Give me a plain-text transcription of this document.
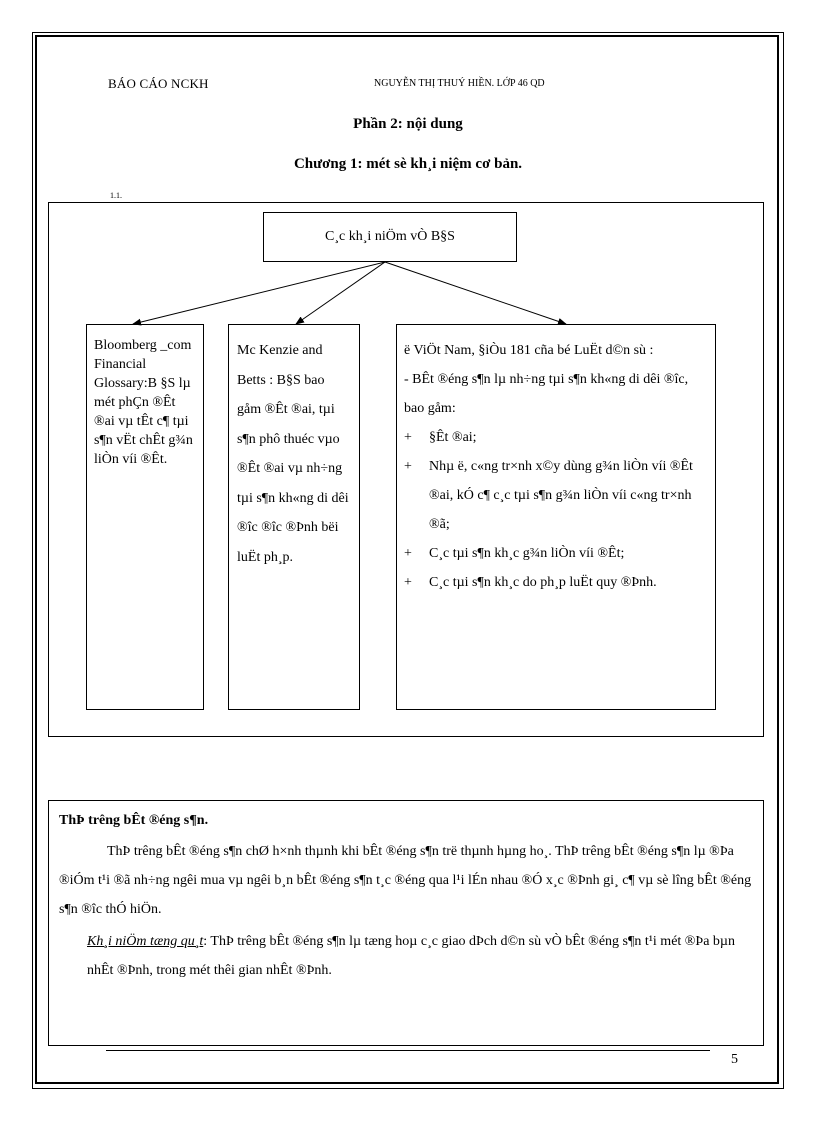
BÁO CÁO NCKH	NGUYỄN THỊ THUÝ HIỀN. LỚP 46 QD
Phần 2: nội dung
Chương 1: mét sè kh¸i niệm cơ bản.
1.1.
C¸c kh¸i niÖm vÒ B§S
Bloomberg _com Financial Glossary:B §S lµ mét phÇn ®Êt ®ai vµ tÊt c¶ tµi s¶n vËt chÊt g¾n liÒn víi ®Êt.
Mc Kenzie and Betts : B§S bao gåm ®Êt ®ai, tµi s¶n phô thuéc vµo ®Êt ®ai vµ nh÷ng tµi s¶n kh«ng di dêi ®îc ®îc ®Þnh bëi luËt ph¸p.
ë ViÖt Nam, §iÒu 181 cña bé LuËt d©n sù :
- BÊt ®éng s¶n lµ nh÷ng tµi s¶n kh«ng di dêi ®îc, bao gåm:
+	§Êt ®ai;
+	Nhµ ë, c«ng tr×nh x©y dùng g¾n liÒn víi ®Êt ®ai, kÓ c¶ c¸c tµi s¶n g¾n liÒn víi c«ng tr×nh ®ã;
+	C¸c tµi s¶n kh¸c g¾n liÒn víi ®Êt;
+	C¸c tµi s¶n kh¸c do ph¸p luËt quy ®Þnh.
ThÞ trêng bÊt ®éng s¶n.
ThÞ trêng bÊt ®éng s¶n chØ h×nh thµnh khi bÊt ®éng s¶n trë thµnh hµng ho¸. ThÞ trêng bÊt ®éng s¶n lµ ®Þa ®iÓm t¹i ®ã nh÷ng ngêi mua vµ ngêi b¸n bÊt ®éng s¶n t¸c ®éng qua l¹i lÉn nhau ®Ó x¸c ®Þnh gi¸ c¶ vµ sè lîng bÊt ®éng s¶n ®îc thÓ hiÖn.
Kh¸i niÖm tæng qu¸t: ThÞ trêng bÊt ®éng s¶n lµ tæng hoµ c¸c giao dÞch d©n sù vÒ bÊt ®éng s¶n t¹i mét ®Þa bµn nhÊt ®Þnh, trong mét thêi gian nhÊt ®Þnh.
5
